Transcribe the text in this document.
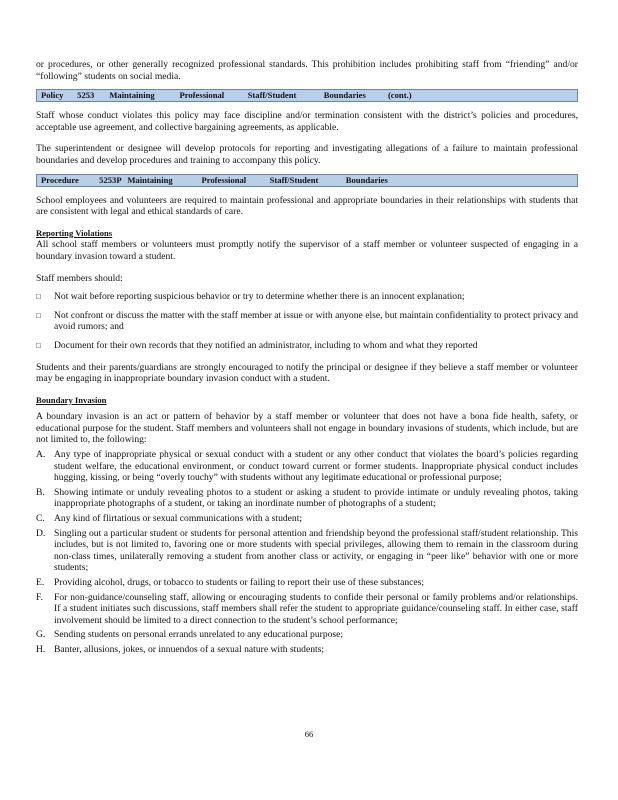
or procedures, or other generally recognized professional standards. This prohibition includes prohibiting staff from “friending” and/or “following” students on social media.

Policy 5253 Maintaining	Professional	Staff/Student	Boundaries	(cont.)

Staff whose conduct violates this policy may face discipline and/or termination consistent with the district’s policies and procedures, acceptable use agreement, and collective bargaining agreements, as applicable.

The superintendent or designee will develop protocols for reporting and investigating allegations of a failure to maintain professional boundaries and develop procedures and training to accompany this policy.

Procedure 5253P Maintaining	Professional	Staff/Student	Boundaries

School employees and volunteers are required to maintain professional and appropriate boundaries in their relationships with students that are consistent with legal and ethical standards of care.

Reporting Violations

All school staff members or volunteers must promptly notify the supervisor of a staff member or volunteer suspected of engaging in a boundary invasion toward a student.

Staff members should:

□	Not wait before reporting suspicious behavior or try to determine whether there is an innocent explanation;
□	Not confront or discuss the matter with the staff member at issue or with anyone else, but maintain confidentiality to protect privacy and avoid rumors; and
□	Document for their own records that they notified an administrator, including to whom and what they reported

Students and their parents/guardians are strongly encouraged to notify the principal or designee if they believe a staff member or volunteer may be engaging in inappropriate boundary invasion conduct with a student.

Boundary Invasion

A boundary invasion is an act or pattern of behavior by a staff member or volunteer that does not have a bona fide health, safety, or educational purpose for the student. Staff members and volunteers shall not engage in boundary invasions of students, which include, but are not limited to, the following:

A. Any type of inappropriate physical or sexual conduct with a student or any other conduct that violates the board’s policies regarding student welfare, the educational environment, or conduct toward current or former students. Inappropriate physical conduct includes hugging, kissing, or being “overly touchy” with students without any legitimate educational or professional purpose;
B. Showing intimate or unduly revealing photos to a student or asking a student to provide intimate or unduly revealing photos, taking inappropriate photographs of a student, or taking an inordinate number of photographs of a student;
C. Any kind of flirtatious or sexual communications with a student;
D. Singling out a particular student or students for personal attention and friendship beyond the professional staff/student relationship. This includes, but is not limited to, favoring one or more students with special privileges, allowing them to remain in the classroom during non-class times, unilaterally removing a student from another class or activity, or engaging in “peer like” behavior with one or more students;
E.	Providing alcohol, drugs, or tobacco to students or failing to report their use of these substances;
F.	For non-guidance/counseling staff, allowing or encouraging students to confide their personal or family problems and/or relationships. If a student initiates such discussions, staff members shall refer the student to appropriate guidance/counseling staff. In either case, staff involvement should be limited to a direct connection to the student’s school performance;
G. Sending students on personal errands unrelated to any educational purpose;
H. Banter, allusions, jokes, or innuendos of a sexual nature with students;
66
